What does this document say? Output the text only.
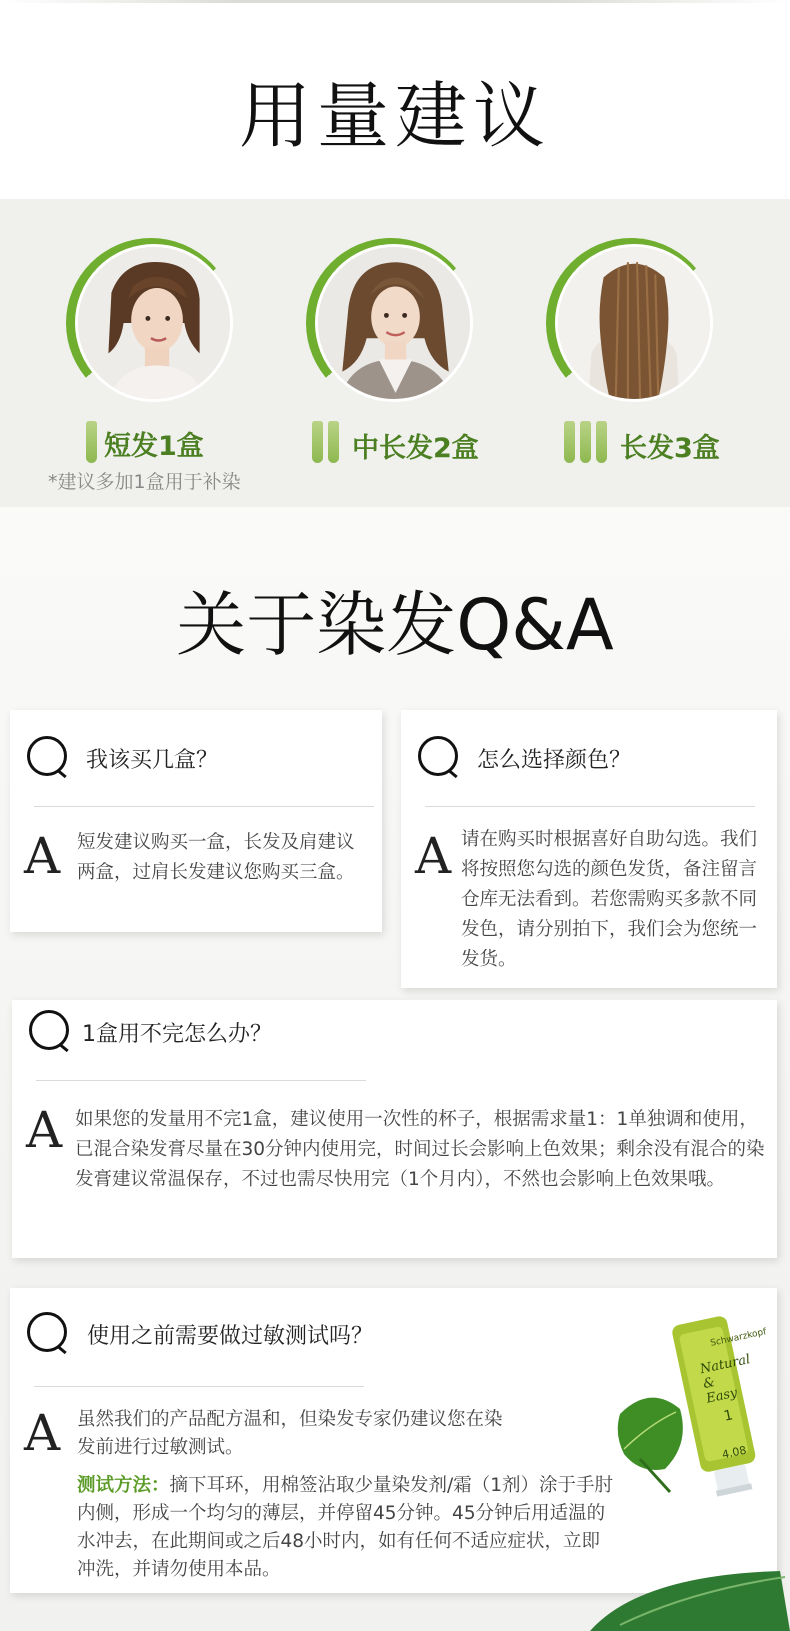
用量建议
短发1盒	中长发2盒	长发3盒
*建议多加1盒用于补染
关于染发Q&A
我该买几盒？
A 短发建议购买一盒，长发及肩建议两盒，过肩长发建议您购买三盒。
怎么选择颜色？
A 请在购买时根据喜好自助勾选。我们将按照您勾选的颜色发货，备注留言仓库无法看到。若您需购买多款不同发色，请分别拍下，我们会为您统一发货。
1盒用不完怎么办？
A 如果您的发量用不完1盒，建议使用一次性的杯子，根据需求量1：1单独调和使用，已混合染发膏尽量在30分钟内使用完，时间过长会影响上色效果；剩余没有混合的染发膏建议常温保存，不过也需尽快用完（1个月内），不然也会影响上色效果哦。
使用之前需要做过敏测试吗？
A 虽然我们的产品配方温和，但染发专家仍建议您在染发前进行过敏测试。
测试方法：摘下耳环，用棉签沾取少量染发剂/霜（1剂）涂于手肘内侧，形成一个均匀的薄层，并停留45分钟。45分钟后用适温的水冲去，在此期间或之后48小时内，如有任何不适应症状，立即冲洗，并请勿使用本品。
Schwarzkopf
Natural & Easy
1
4.08
